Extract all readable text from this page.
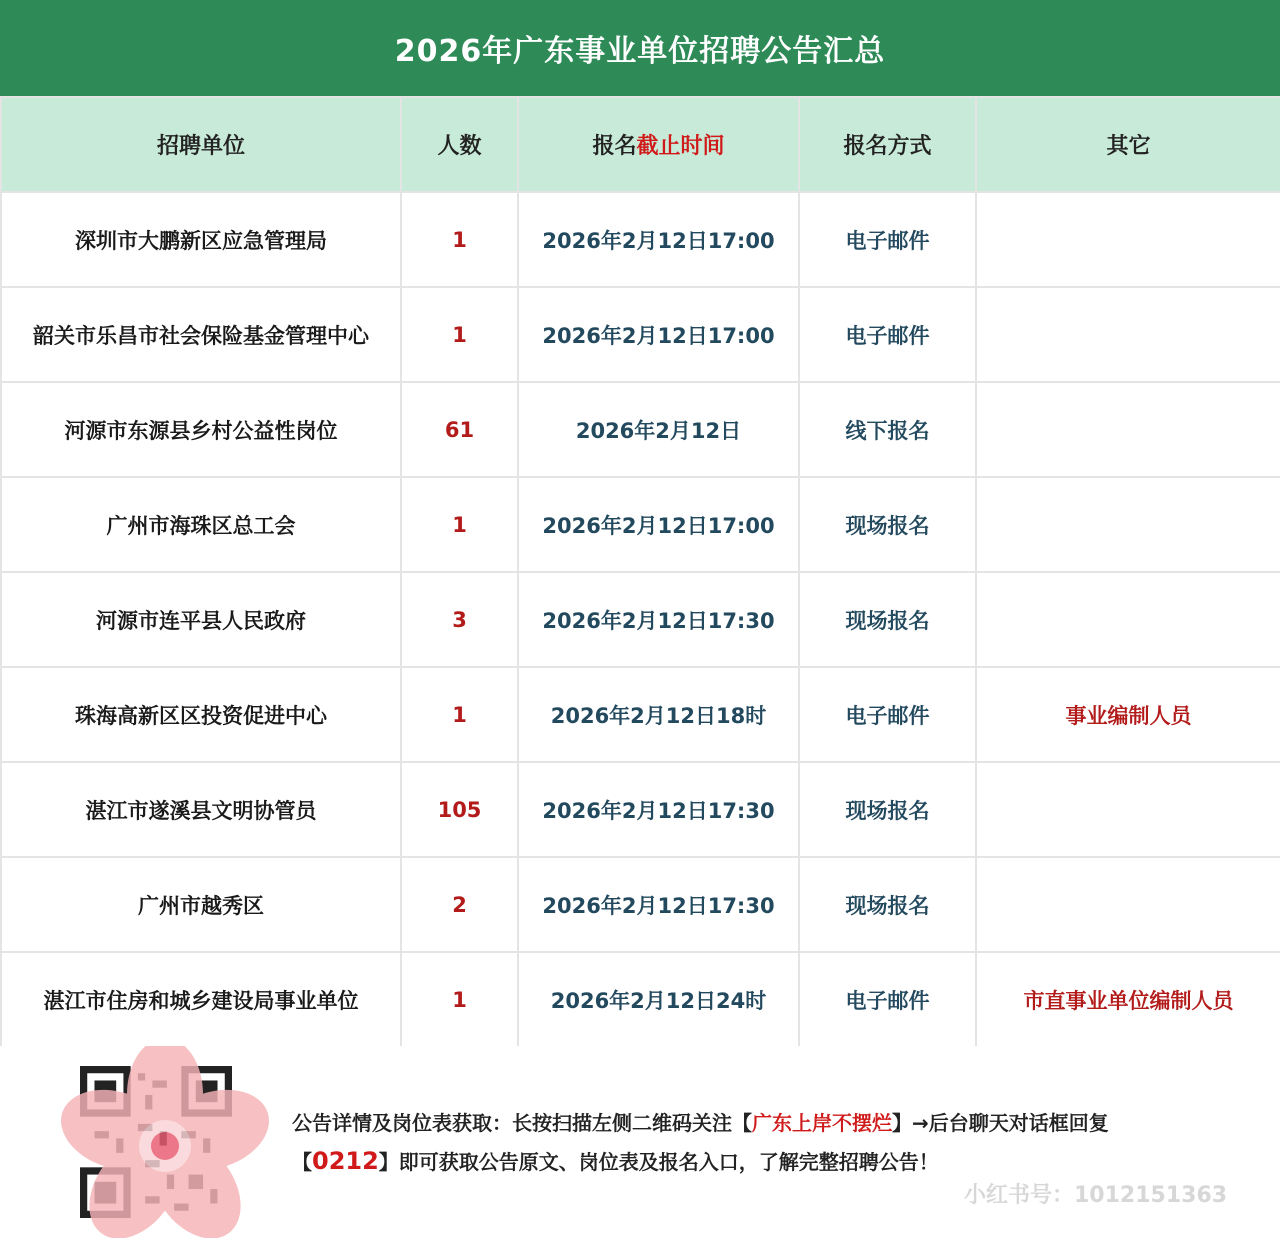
2026年广东事业单位招聘公告汇总
招聘单位	人数	报名截止时间	报名方式	其它
深圳市大鹏新区应急管理局	1	2026年2月12日17:00	电子邮件	
韶关市乐昌市社会保险基金管理中心	1	2026年2月12日17:00	电子邮件	
河源市东源县乡村公益性岗位	61	2026年2月12日	线下报名	
广州市海珠区总工会	1	2026年2月12日17:00	现场报名	
河源市连平县人民政府	3	2026年2月12日17:30	现场报名	
珠海高新区区投资促进中心	1	2026年2月12日18时	电子邮件	事业编制人员
湛江市遂溪县文明协管员	105	2026年2月12日17:30	现场报名	
广州市越秀区	2	2026年2月12日17:30	现场报名	
湛江市住房和城乡建设局事业单位	1	2026年2月12日24时	电子邮件	市直事业单位编制人员
公告详情及岗位表获取：长按扫描左侧二维码关注【广东上岸不摆烂】→后台聊天对话框回复
【0212】即可获取公告原文、岗位表及报名入口，了解完整招聘公告！
小红书号：1012151363
